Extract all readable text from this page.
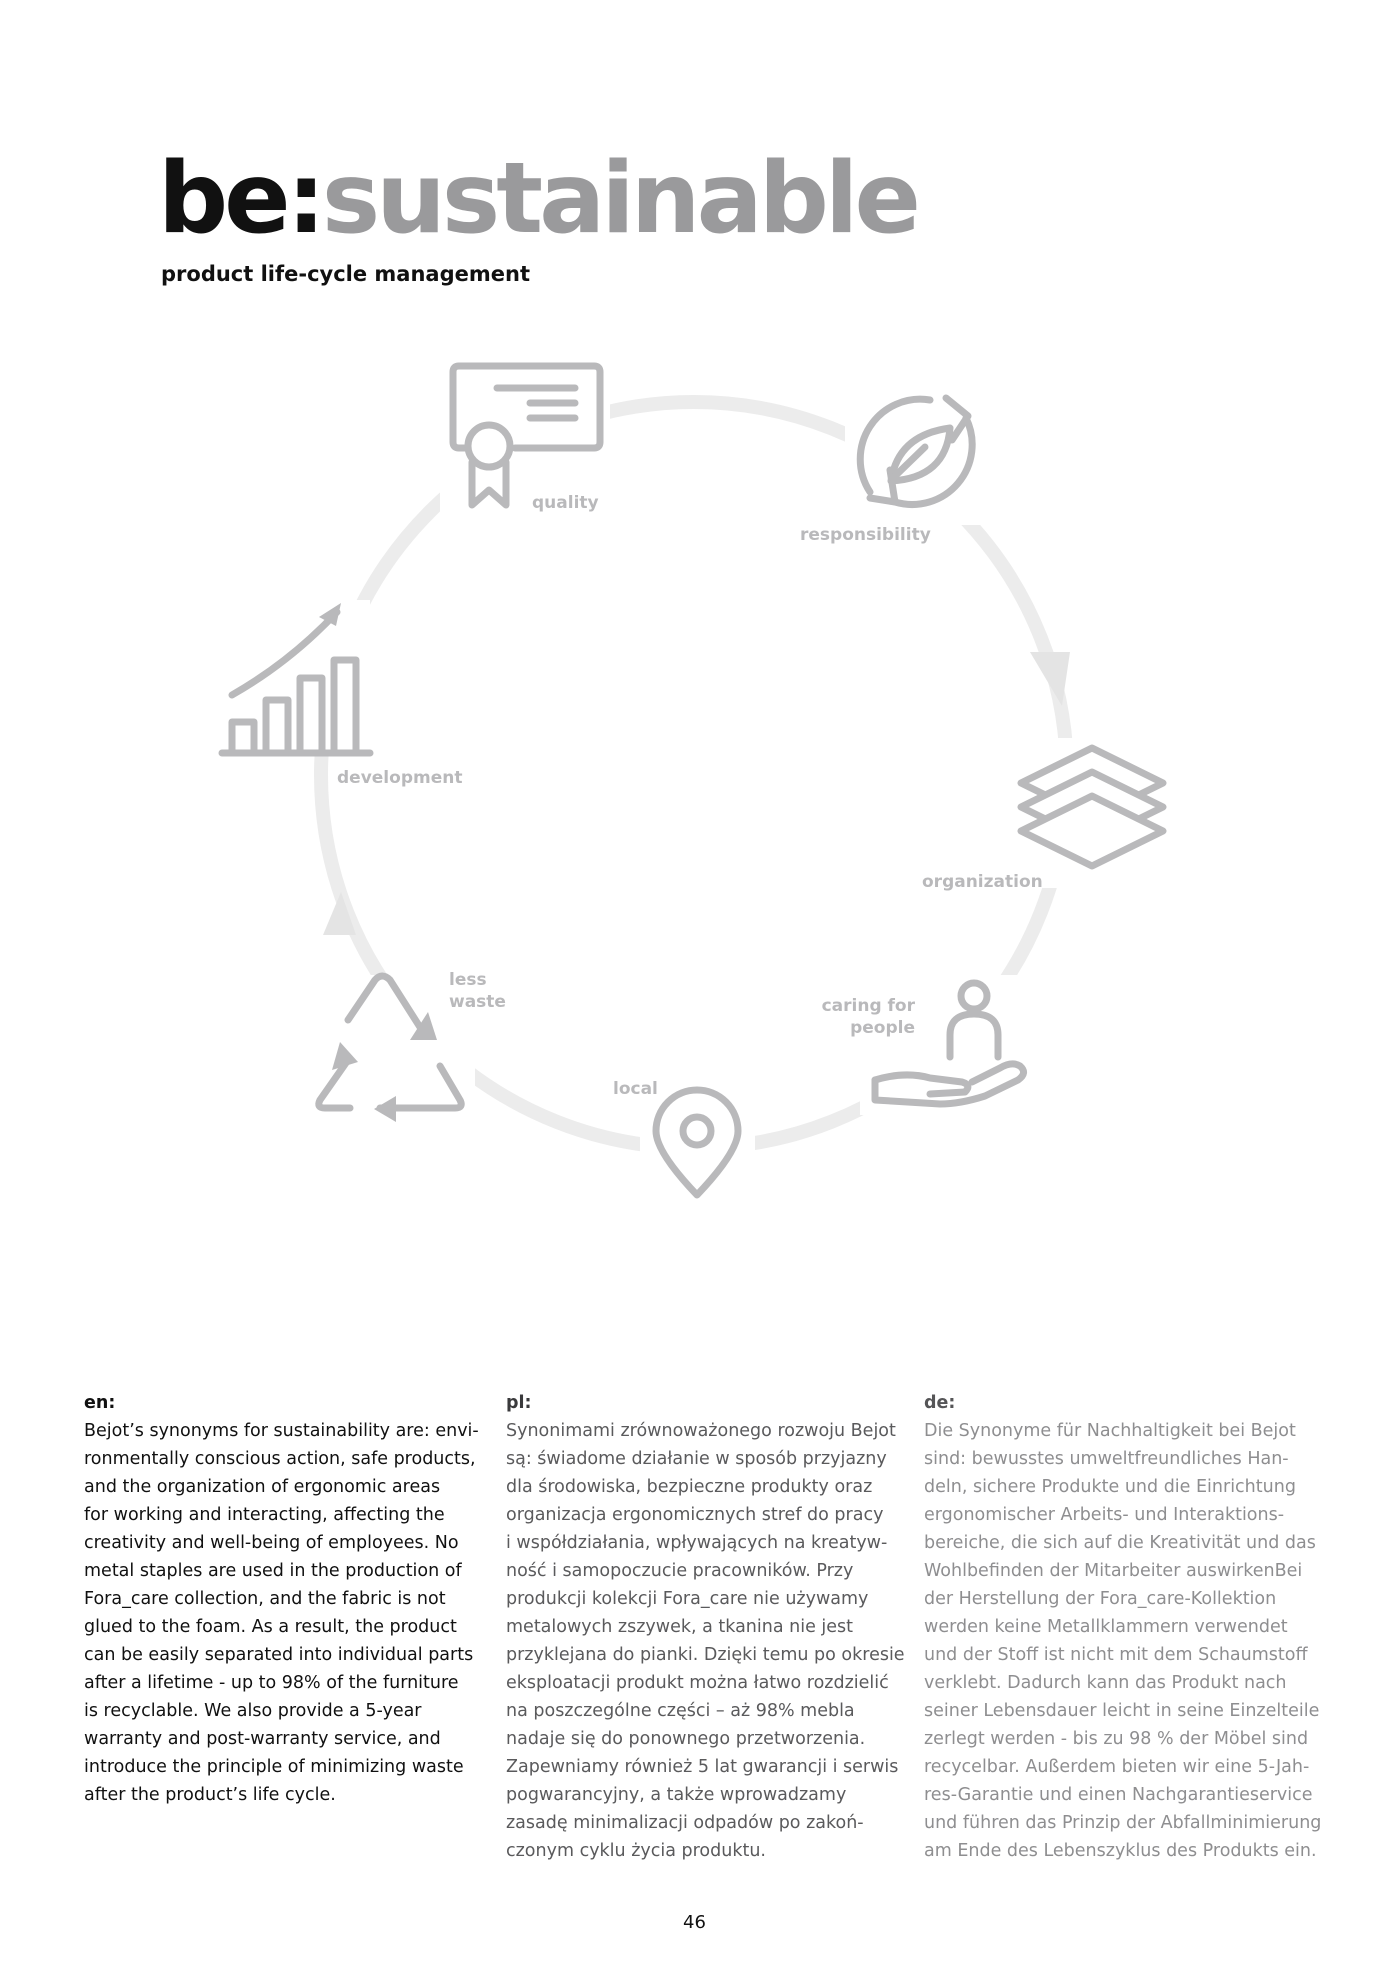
be:sustainable
product life-cycle management
quality
responsibility
development
organization
caring for
people
local
less
waste
en:
Bejot’s synonyms for sustainability are: envi-
ronmentally conscious action, safe products,
and the organization of ergonomic areas
for working and interacting, affecting the
creativity and well-being of employees. No
metal staples are used in the production of
Fora_care collection, and the fabric is not
glued to the foam. As a result, the product
can be easily separated into individual parts
after a lifetime - up to 98% of the furniture
is recyclable. We also provide a 5-year
warranty and post-warranty service, and
introduce the principle of minimizing waste
after the product’s life cycle.
pl:
Synonimami zrównoważonego rozwoju Bejot
są: świadome działanie w sposób przyjazny
dla środowiska, bezpieczne produkty oraz
organizacja ergonomicznych stref do pracy
i współdziałania, wpływających na kreatyw-
ność i samopoczucie pracowników. Przy
produkcji kolekcji Fora_care nie używamy
metalowych zszywek, a tkanina nie jest
przyklejana do pianki. Dzięki temu po okresie
eksploatacji produkt można łatwo rozdzielić
na poszczególne części – aż 98% mebla
nadaje się do ponownego przetworzenia.
Zapewniamy również 5 lat gwarancji i serwis
pogwarancyjny, a także wprowadzamy
zasadę minimalizacji odpadów po zakoń-
czonym cyklu życia produktu.
de:
Die Synonyme für Nachhaltigkeit bei Bejot
sind: bewusstes umweltfreundliches Han-
deln, sichere Produkte und die Einrichtung
ergonomischer Arbeits- und Interaktions-
bereiche, die sich auf die Kreativität und das
Wohlbefinden der Mitarbeiter auswirkenBei
der Herstellung der Fora_care-Kollektion
werden keine Metallklammern verwendet
und der Stoff ist nicht mit dem Schaumstoff
verklebt. Dadurch kann das Produkt nach
seiner Lebensdauer leicht in seine Einzelteile
zerlegt werden - bis zu 98 % der Möbel sind
recycelbar. Außerdem bieten wir eine 5-Jah-
res-Garantie und einen Nachgarantieservice
und führen das Prinzip der Abfallminimierung
am Ende des Lebenszyklus des Produkts ein.
46
